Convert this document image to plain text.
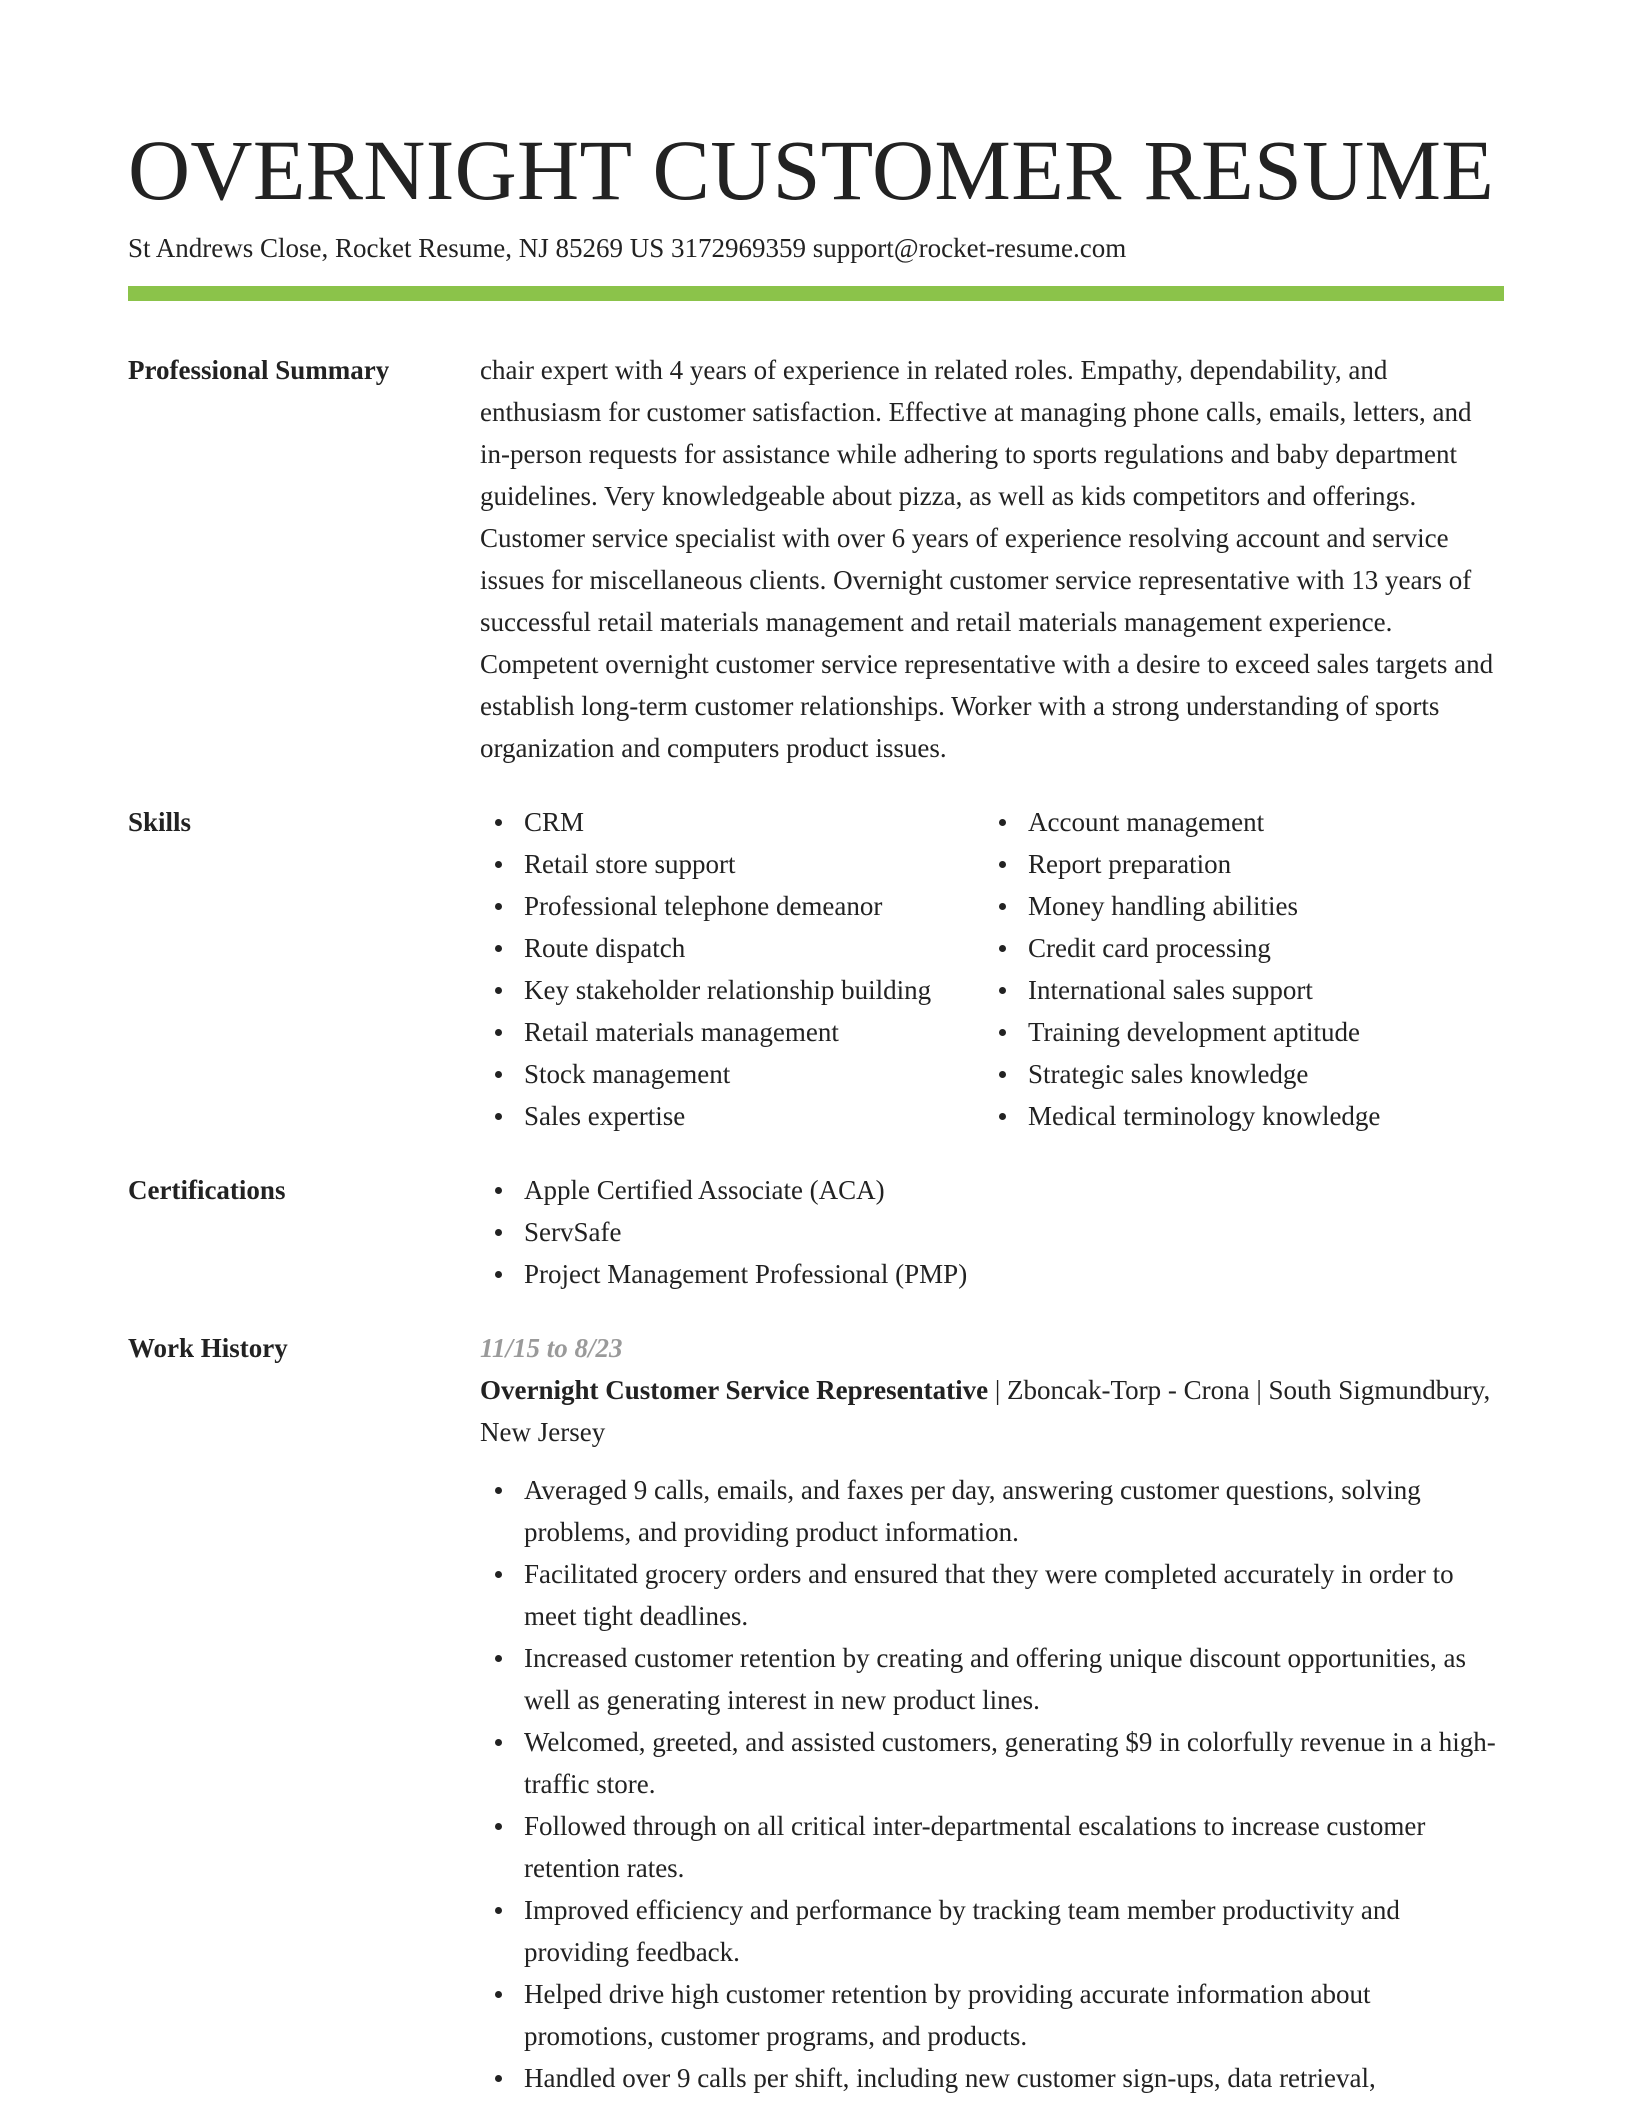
OVERNIGHT CUSTOMER RESUME
St Andrews Close, Rocket Resume, NJ 85269 US 3172969359 support@rocket-resume.com
Professional Summary	chair expert with 4 years of experience in related roles. Empathy, dependability, and enthusiasm for customer satisfaction. Effective at managing phone calls, emails, letters, and in-person requests for assistance while adhering to sports regulations and baby department guidelines. Very knowledgeable about pizza, as well as kids competitors and offerings. Customer service specialist with over 6 years of experience resolving account and service issues for miscellaneous clients. Overnight customer service representative with 13 years of successful retail materials management and retail materials management experience. Competent overnight customer service representative with a desire to exceed sales targets and establish long-term customer relationships. Worker with a strong understanding of sports organization and computers product issues.

Skills	CRM
Retail store support
Professional telephone demeanor
Route dispatch
Key stakeholder relationship building
Retail materials management
Stock management
Sales expertise
Account management
Report preparation
Money handling abilities
Credit card processing
International sales support
Training development aptitude
Strategic sales knowledge
Medical terminology knowledge
Certifications	Apple Certified Associate (ACA)
ServSafe
Project Management Professional (PMP)
Work History	11/15 to 8/23
Overnight Customer Service Representative | Zboncak-Torp - Crona | South Sigmundbury, New Jersey
Averaged 9 calls, emails, and faxes per day, answering customer questions, solving problems, and providing product information.
Facilitated grocery orders and ensured that they were completed accurately in order to meet tight deadlines.
Increased customer retention by creating and offering unique discount opportunities, as well as generating interest in new product lines.
Welcomed, greeted, and assisted customers, generating $9 in colorfully revenue in a high-traffic store.
Followed through on all critical inter-departmental escalations to increase customer retention rates.
Improved efficiency and performance by tracking team member productivity and providing feedback.
Helped drive high customer retention by providing accurate information about promotions, customer programs, and products.
Handled over 9 calls per shift, including new customer sign-ups, data retrieval,
